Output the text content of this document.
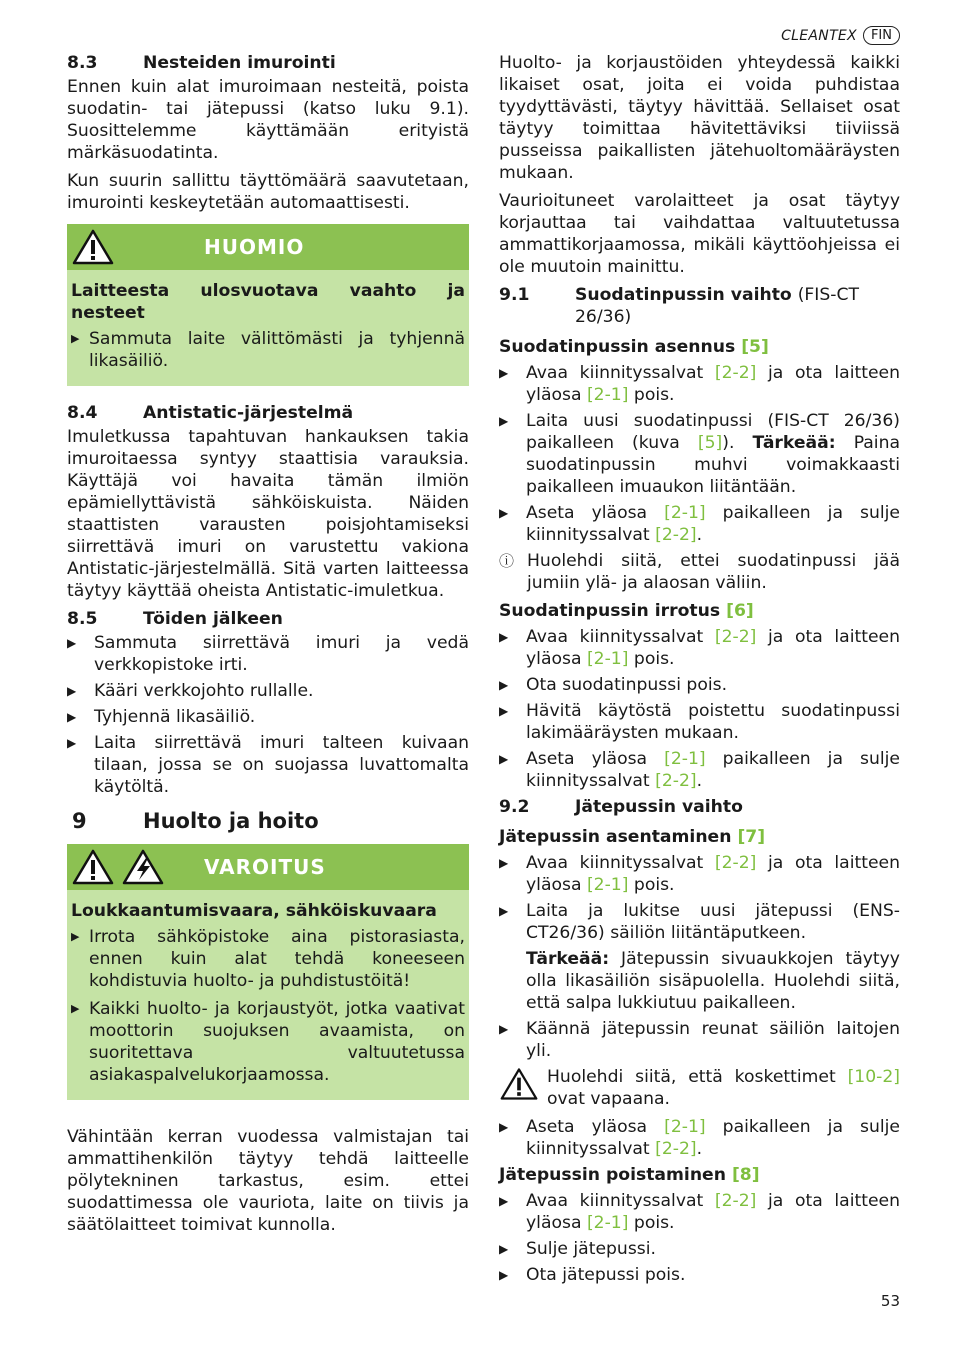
CLEANTEX	FIN
8.3	Nesteiden imurointi

Ennen kuin alat imuroimaan nesteitä, poista suodatin- tai jätepussi (katso luku 9.1). Suosittelemme käyttämään erityistä märkäsuodatinta.

Kun suurin sallittu täyttömäärä saavutetaan, imurointi keskeytetään automaattisesti.

HUOMIO
Laitteesta ulosvuotava vaahto ja nesteet
▶ Sammuta laite välittömästi ja tyhjennä likasäiliö.
8.4	Antistatic-järjestelmä

Imuletkussa tapahtuvan hankauksen takia imuroitaessa syntyy staattisia varauksia. Käyttäjä voi havaita tämän ilmiön epämiellyttävistä sähköiskuista. Näiden staattisten varausten poisjohtamiseksi siirrettävä imuri on varustettu vakiona Antistatic-järjestelmällä. Sitä varten laitteessa täytyy käyttää oheista Antistatic-imuletkua.

8.5	Töiden jälkeen
▶ Sammuta siirrettävä imuri ja vedä verkkopistoke irti.
▶ Kääri verkkojohto rullalle.
▶ Tyhjennä likasäiliö.
▶ Laita siirrettävä imuri talteen kuivaan tilaan, jossa se on suojassa luvattomalta käytöltä.
9	Huolto ja hoito
VAROITUS
Loukkaantumisvaara, sähköiskuvaara
▶ Irrota sähköpistoke aina pistorasiasta, ennen kuin alat tehdä koneeseen kohdistuvia huolto- ja puhdistustöitä!
▶ Kaikki huolto- ja korjaustyöt, jotka vaativat moottorin suojuksen avaamista, on suoritettava valtuutetussa asiakaspalvelukorjaamossa.

Vähintään kerran vuodessa valmistajan tai ammattihenkilön täytyy tehdä laitteelle pölytekninen tarkastus, esim. ettei suodattimessa ole vauriota, laite on tiivis ja säätölaitteet toimivat kunnolla.

Huolto- ja korjaustöiden yhteydessä kaikki likaiset osat, joita ei voida puhdistaa tyydyttävästi, täytyy hävittää. Sellaiset osat täytyy toimittaa hävitettäviksi tiiviissä pusseissa paikallisten jätehuoltomääräysten mukaan.

Vaurioituneet varolaitteet ja osat täytyy korjauttaa tai vaihdattaa valtuutetussa ammattikorjaamossa, mikäli käyttöohjeissa ei ole muutoin mainittu.

9.1	Suodatinpussin vaihto (FIS-CT 26/36)
Suodatinpussin asennus [5]
▶ Avaa kiinnityssalvat [2-2] ja ota laitteen yläosa [2-1] pois.
▶ Laita uusi suodatinpussi (FIS-CT 26/36) paikalleen (kuva [5]). Tärkeää: Paina suodatinpussin muhvi voimakkaasti paikalleen imuaukon liitäntään.
▶ Aseta yläosa [2-1] paikalleen ja sulje kiinnityssalvat [2-2].
ⓘ Huolehdi siitä, ettei suodatinpussi jää jumiin ylä- ja alaosan väliin.
Suodatinpussin irrotus [6]
▶ Avaa kiinnityssalvat [2-2] ja ota laitteen yläosa [2-1] pois.
▶ Ota suodatinpussi pois.
▶ Hävitä käytöstä poistettu suodatinpussi lakimääräysten mukaan.
▶ Aseta yläosa [2-1] paikalleen ja sulje kiinnityssalvat [2-2].
9.2	Jätepussin vaihto
Jätepussin asentaminen [7]
▶ Avaa kiinnityssalvat [2-2] ja ota laitteen yläosa [2-1] pois.
▶ Laita ja lukitse uusi jätepussi (ENS-CT26/36) säiliön liitäntäputkeen.
Tärkeää: Jätepussin sivuaukkojen täytyy olla likasäiliön sisäpuolella. Huolehdi siitä, että salpa lukkiutuu paikalleen.
▶ Käännä jätepussin reunat säiliön laitojen yli.
Huolehdi siitä, että koskettimet [10-2] ovat vapaana.
▶ Aseta yläosa [2-1] paikalleen ja sulje kiinnityssalvat [2-2].
Jätepussin poistaminen [8]
▶ Avaa kiinnityssalvat [2-2] ja ota laitteen yläosa [2-1] pois.
▶ Sulje jätepussi.
▶ Ota jätepussi pois.
53
